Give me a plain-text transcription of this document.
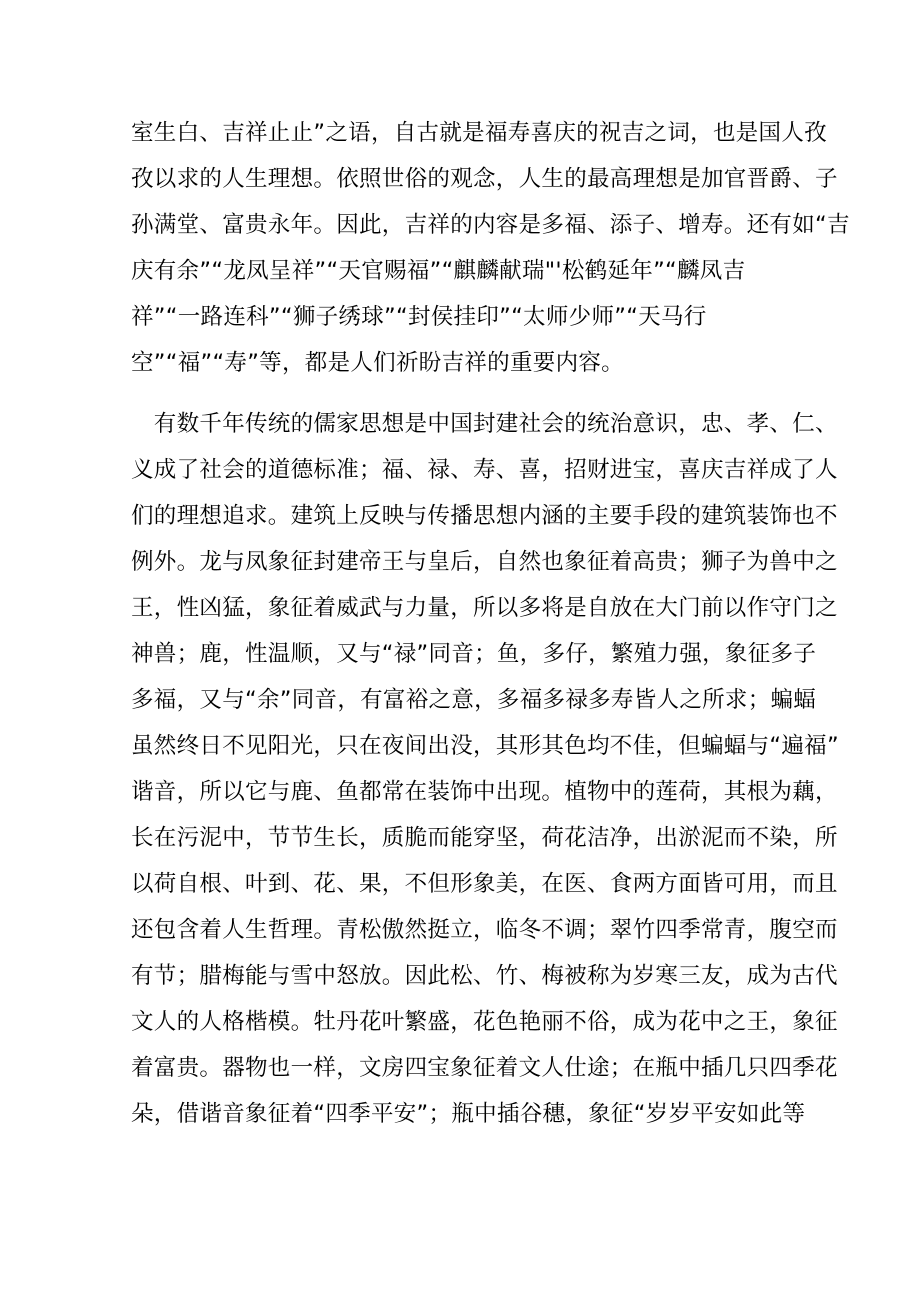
室生白、吉祥止止”之语，自古就是福寿喜庆的祝吉之词，也是国人孜
孜以求的人生理想。依照世俗的观念，人生的最高理想是加官晋爵、子
孙满堂、富贵永年。因此，吉祥的内容是多福、添子、增寿。还有如“吉
庆有余”“龙凤呈祥”“天官赐福”“麒麟献瑞"'松鹤延年”“麟凤吉
祥”“一路连科”“狮子绣球”“封侯挂印”“太师少师”“天马行
空”“福”“寿”等，都是人们祈盼吉祥的重要内容。
　有数千年传统的儒家思想是中国封建社会的统治意识，忠、孝、仁、
义成了社会的道德标准；福、禄、寿、喜，招财进宝，喜庆吉祥成了人
们的理想追求。建筑上反映与传播思想内涵的主要手段的建筑装饰也不
例外。龙与凤象征封建帝王与皇后，自然也象征着高贵；狮子为兽中之
王，性凶猛，象征着威武与力量，所以多将是自放在大门前以作守门之
神兽；鹿，性温顺，又与“禄”同音；鱼，多仔，繁殖力强，象征多子
多福，又与“余”同音，有富裕之意，多福多禄多寿皆人之所求；蝙蝠
虽然终日不见阳光，只在夜间出没，其形其色均不佳，但蝙蝠与“遍福”
谐音，所以它与鹿、鱼都常在装饰中出现。植物中的莲荷，其根为藕，
长在污泥中，节节生长，质脆而能穿坚，荷花洁净，出淤泥而不染，所
以荷自根、叶到、花、果，不但形象美，在医、食两方面皆可用，而且
还包含着人生哲理。青松傲然挺立，临冬不调；翠竹四季常青，腹空而
有节；腊梅能与雪中怒放。因此松、竹、梅被称为岁寒三友，成为古代
文人的人格楷模。牡丹花叶繁盛，花色艳丽不俗，成为花中之王，象征
着富贵。器物也一样，文房四宝象征着文人仕途；在瓶中插几只四季花
朵，借谐音象征着“四季平安”；瓶中插谷穗，象征“岁岁平安如此等
